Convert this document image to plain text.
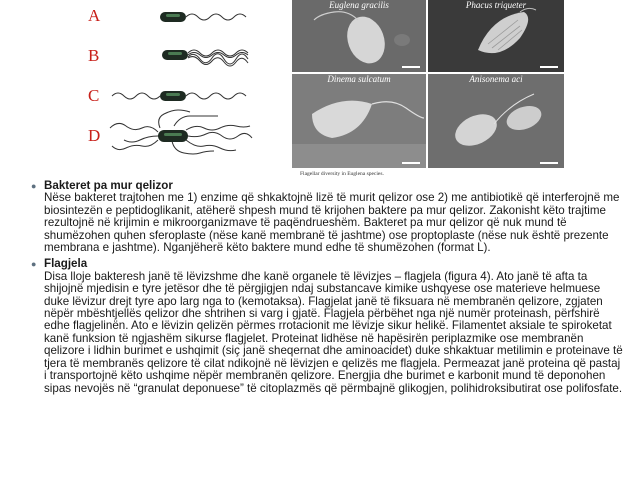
A
B
C
D
Euglena gracilis	Phacus triqueter
Dinema sulcatum	Anisonema aci
Flagellar diversity in Euglena species.
● Bakteret pa mur qelizor
Nëse bakteret trajtohen me 1) enzime që shkaktojnë lizë të murit qelizor ose 2) me antibiotikë që interferojnë me biosintezën e peptidoglikanit, atëherë shpesh mund të krijohen baktere pa mur qelizor. Zakonisht këto trajtime rezultojnë në krijimin e mikroorganizmave të paqëndrueshëm. Bakteret pa mur qelizor që nuk mund të shumëzohen quhen sferoplaste (nëse kanë membranë të jashtme) ose proptoplaste (nëse nuk është prezente membrana e jashtme). Nganjëherë këto baktere mund edhe të shumëzohen (format L).
● Flagjela
Disa lloje bakteresh janë të lëvizshme dhe kanë organele të lëvizjes – flagjela (figura 4). Ato janë të afta ta shijojnë mjedisin e tyre jetësor dhe të përgjigjen ndaj substancave kimike ushqyese ose materieve helmuese duke lëvizur drejt tyre apo larg nga to (kemotaksa). Flagjelat janë të fiksuara në membranën qelizore, zgjaten nëpër mbështjellës qelizor dhe shtrihen si varg i gjatë. Flagjela përbëhet nga një numër proteinash, përfshirë edhe flagjelinën. Ato e lëvizin qelizën përmes rrotacionit me lëvizje sikur helikë. Filamentet aksiale te spiroketat kanë funksion të ngjashëm sikurse flagjelet. Proteinat lidhëse në hapësirën periplazmike ose membranën qelizore i lidhin burimet e ushqimit (siç janë sheqernat dhe aminoacidet) duke shkaktuar metilimin e proteinave të tjera të membranës qelizore të cilat ndikojnë në lëvizjen e qelizës me flagjela. Permeazat janë proteina që pastaj i transportojnë këto ushqime nëpër membranën qelizore. Energjia dhe burimet e karbonit mund të deponohen sipas nevojës në “granulat deponuese” të citoplazmës që përmbajnë glikogjen, polihidroksibutirat ose polifosfate.
